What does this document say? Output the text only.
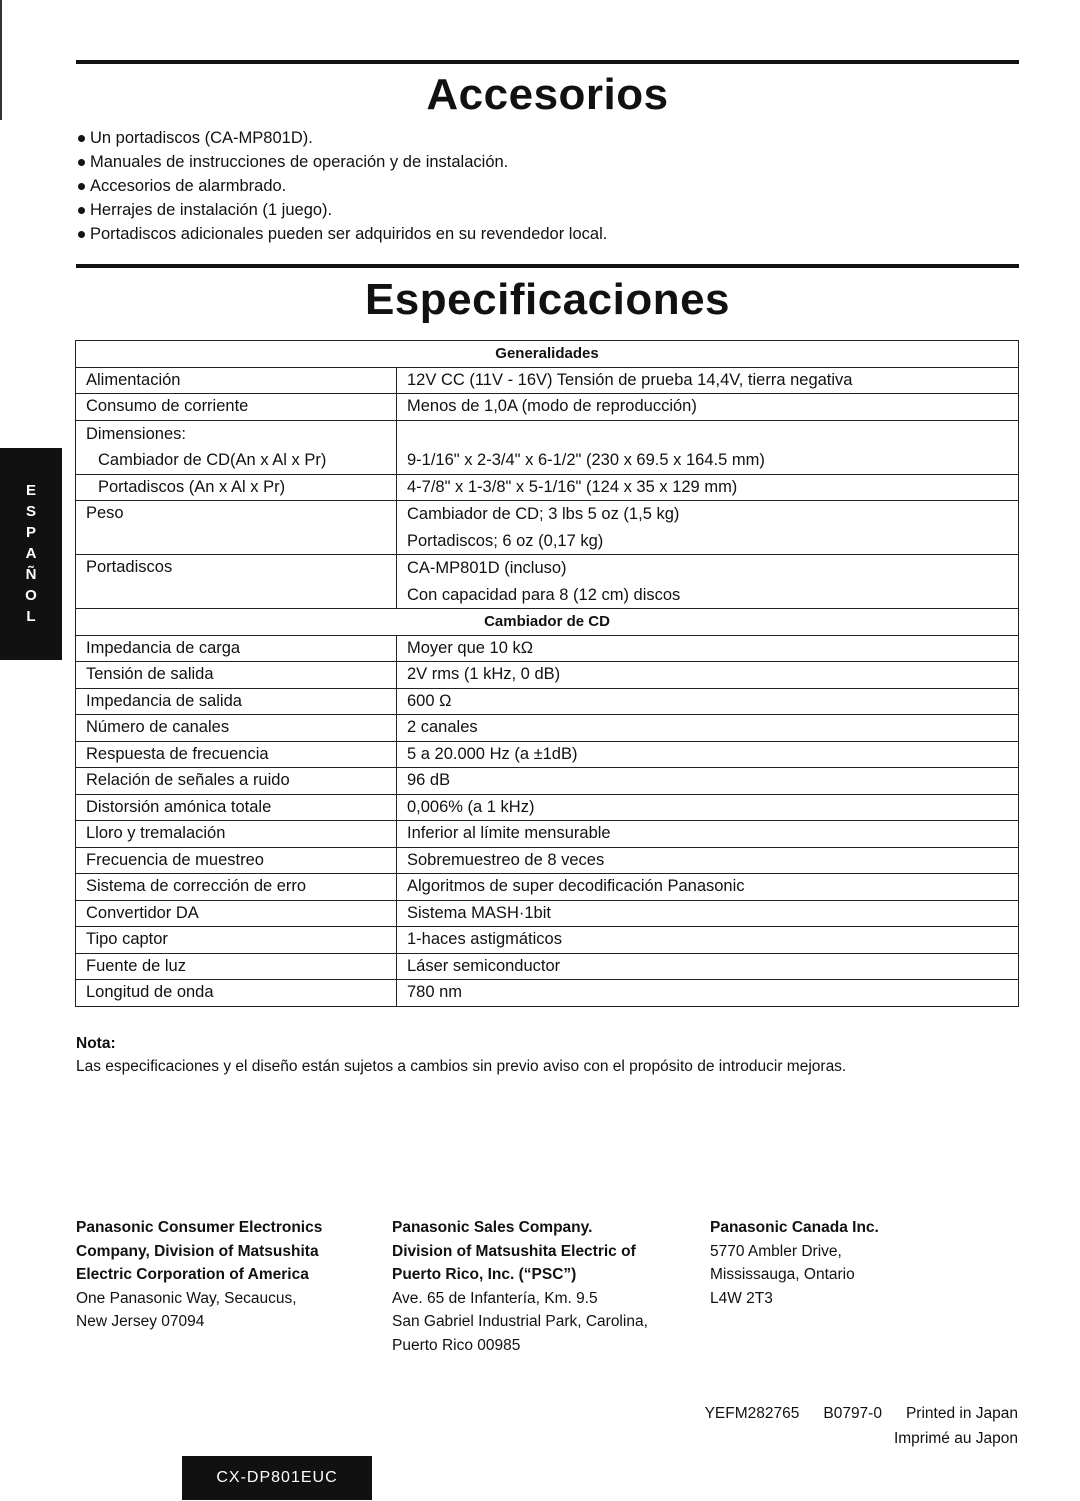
Accesorios
Un portadiscos (CA-MP801D).
Manuales de instrucciones de operación y de instalación.
Accesorios de alarmbrado.
Herrajes de instalación (1 juego).
Portadiscos adicionales pueden ser adquiridos en su revendedor local.
Especificaciones
Generalidades	
Alimentación	12V CC (11V - 16V) Tensión de prueba 14,4V, tierra negativa
Consumo de corriente	Menos de 1,0A (modo de reproducción)

Dimensiones:
Cambiador de CD(An x Al x Pr)	9-1/16" x 2-3/4" x 6-1/2" (230 x 69.5 x 164.5 mm)

Portadiscos (An x Al x Pr)	4-7/8" x 1-3/8" x 5-1/16" (124 x 35 x 129 mm)
Peso	Cambiador de CD; 3 lbs 5 oz (1,5 kg)
Portadiscos; 6 oz (0,17 kg)

Portadiscos	CA-MP801D (incluso)
Con capacidad para 8 (12 cm) discos

Cambiador de CD	
Impedancia de carga	Moyer que 10 kΩ
Tensión de salida	2V rms (1 kHz, 0 dB)
Impedancia de salida	600 Ω
Número de canales	2 canales
Respuesta de frecuencia	5 a 20.000 Hz (a ±1dB)
Relación de señales a ruido	96 dB
Distorsión amónica totale	0,006% (a 1 kHz)
Lloro y tremalación	Inferior al límite mensurable
Frecuencia de muestreo	Sobremuestreo de 8 veces
Sistema de corrección de erro	Algoritmos de super decodificación Panasonic
Convertidor DA	Sistema MASH·1bit
Tipo captor	1-haces astigmáticos
Fuente de luz	Láser semiconductor
Longitud de onda	780 nm
E
S
P
A
Ñ
O
L
Nota:
Las especificaciones y el diseño están sujetos a cambios sin previo aviso con el propósito de introducir mejoras.
Panasonic Consumer Electronics
Company, Division of Matsushita
Electric Corporation of America
One Panasonic Way, Secaucus,
New Jersey 07094
Panasonic Sales Company.
Division of Matsushita Electric of
Puerto Rico, Inc. (“PSC”)
Ave. 65 de Infantería, Km. 9.5
San Gabriel Industrial Park, Carolina,
Puerto Rico 00985
Panasonic Canada Inc.
5770 Ambler Drive,
Mississauga, Ontario
L4W 2T3
YEFM282765 B0797-0 Printed in Japan
Imprimé au Japon
CX-DP801EUC
